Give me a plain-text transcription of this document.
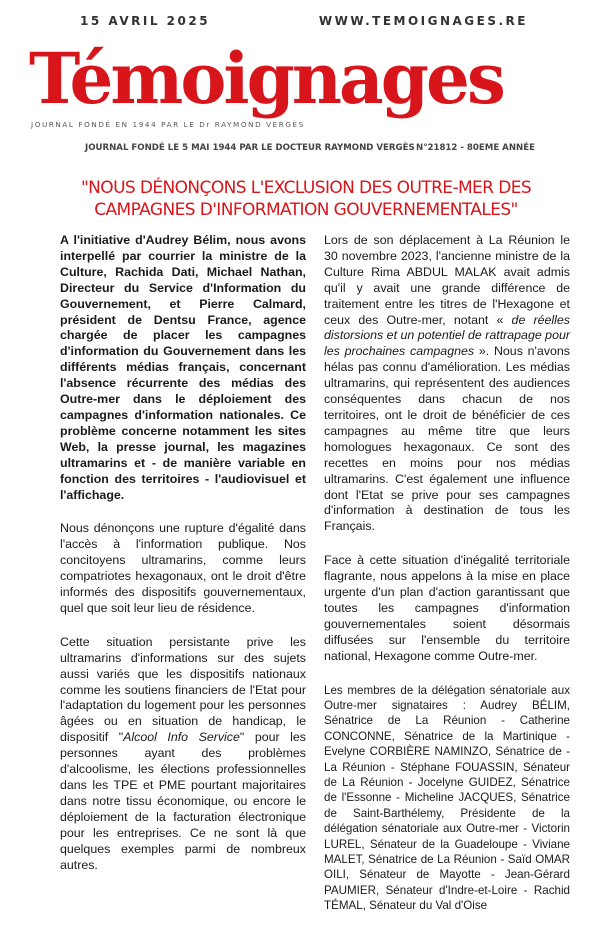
15 AVRIL 2025	WWW.TEMOIGNAGES.RE
Témoignages
JOURNAL FONDÉ EN 1944 PAR LE Dr RAYMOND VERGÈS
JOURNAL FONDÉ LE 5 MAI 1944 PAR LE DOCTEUR RAYMOND VERGÈS N°21812 - 80EME ANNÉE
"NOUS DÉNONÇONS L'EXCLUSION DES OUTRE-MER DES
CAMPAGNES D'INFORMATION GOUVERNEMENTALES"

A l'initiative d'Audrey Bélim, nous avons interpellé par courrier la ministre de la Culture, Rachida Dati, Michael Nathan, Directeur du Service d'Information du Gouvernement, et Pierre Calmard, président de Dentsu France, agence chargée de placer les campagnes d'information du Gouvernement dans les différents médias français, concernant l'absence récurrente des médias des Outre-mer dans le déploiement des campagnes d'information nationales. Ce problème concerne notamment les sites Web, la presse journal, les magazines ultramarins et - de manière variable en fonction des territoires - l'audiovisuel et l'affichage.

Nous dénonçons une rupture d'égalité dans l'accès à l'information publique. Nos concitoyens ultramarins, comme leurs compatriotes hexagonaux, ont le droit d'être informés des dispositifs gouvernementaux, quel que soit leur lieu de résidence.

Cette situation persistante prive les ultramarins d'informations sur des sujets aussi variés que les dispositifs nationaux comme les soutiens financiers de l'Etat pour l'adaptation du logement pour les personnes âgées ou en situation de handicap, le dispositif "Alcool Info Service" pour les personnes ayant des problèmes d'alcoolisme, les élections professionnelles dans les TPE et PME pourtant majoritaires dans notre tissu économique, ou encore le déploiement de la facturation électronique pour les entreprises. Ce ne sont là que quelques exemples parmi de nombreux autres.

Lors de son déplacement à La Réunion le 30 novembre 2023, l'ancienne ministre de la Culture Rima ABDUL MALAK avait admis qu'il y avait une grande différence de traitement entre les titres de l'Hexagone et ceux des Outre-mer, notant « de réelles distorsions et un potentiel de rattrapage pour les prochaines campagnes ». Nous n'avons hélas pas connu d'amélioration. Les médias ultramarins, qui représentent des audiences conséquentes dans chacun de nos territoires, ont le droit de bénéficier de ces campagnes au même titre que leurs homologues hexagonaux. Ce sont des recettes en moins pour nos médias ultramarins. C'est également une influence dont l'Etat se prive pour ses campagnes d'information à destination de tous les Français.

Face à cette situation d'inégalité territoriale flagrante, nous appelons à la mise en place urgente d'un plan d'action garantissant que toutes les campagnes d'information gouvernementales soient désormais diffusées sur l'ensemble du territoire national, Hexagone comme Outre-mer.

Les membres de la délégation sénatoriale aux Outre-mer signataires : Audrey BÉLIM, Sénatrice de La Réunion - Catherine CONCONNE, Sénatrice de la Martinique - Evelyne CORBIÈRE NAMINZO, Sénatrice de - La Réunion - Stéphane FOUASSIN, Sénateur de La Réunion - Jocelyne GUIDEZ, Sénatrice de l'Essonne - Micheline JACQUES, Sénatrice de Saint-Barthélemy, Présidente de la délégation sénatoriale aux Outre-mer - Victorin LUREL, Sénateur de la Guadeloupe - Viviane MALET, Sénatrice de La Réunion - Saïd OMAR OILI, Sénateur de Mayotte - Jean-Gérard PAUMIER, Sénateur d'Indre-et-Loire - Rachid TÉMAL, Sénateur du Val d'Oise
